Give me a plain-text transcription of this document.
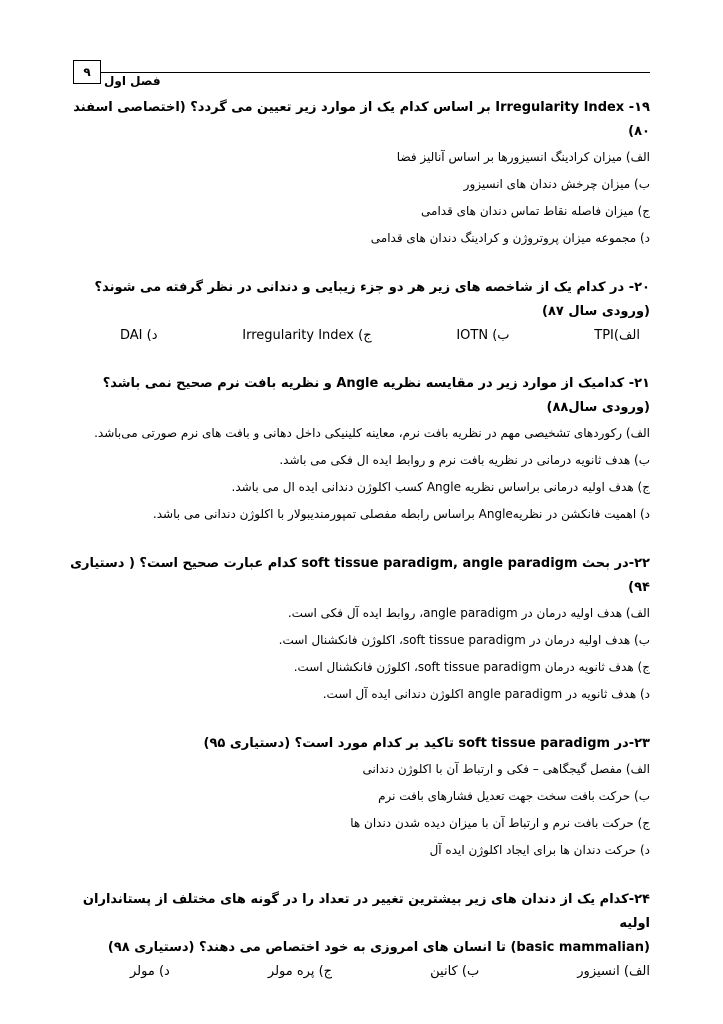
۹
فصل اول
۱۹- Irregularity Index بر اساس کدام یک از موارد زیر تعیین می گردد؟ (اختصاصی اسفند ۸۰)
الف) میزان کرادینگ انسیزورها بر اساس آنالیز فضا
ب) میزان چرخش دندان های انسیزور
ج) میزان فاصله نقاط تماس دندان های قدامی
د) مجموعه میزان پروتروژن و کرادینگ دندان های قدامی
۲۰- در کدام یک از شاخصه های زیر هر دو جزء زیبایی و دندانی در نظر گرفته می شوند؟ (ورودی سال ۸۷)
الف)TPI
ب) IOTN
ج) Irregularity Index
د) DAI
۲۱- کدامیک از موارد زیر در مقایسه نظریه Angle و نظریه بافت نرم صحیح نمی باشد؟ (ورودی سال۸۸)
الف) رکوردهای تشخیصی مهم در نظریه بافت نرم، معاینه کلینیکی داخل دهانی و بافت های نرم صورتی می‌باشد.
ب) هدف ثانویه درمانی در نظریه بافت نرم و روابط ایده ال فکی می باشد.
ج) هدف اولیه درمانی براساس نظریه Angle کسب اکلوژن دندانی ایده ال می باشد.
د) اهمیت فانکشن در نظریهAngle براساس رابطه مفصلی تمپورمندیبولار با اکلوژن دندانی می باشد.
۲۲-در بحث soft tissue paradigm, angle paradigm کدام عبارت صحیح است؟ ( دستیاری ۹۴)
الف) هدف اولیه درمان در angle paradigm، روابط ایده آل فکی است.
ب) هدف اولیه درمان در soft tissue paradigm، اکلوژن فانکشنال است.
ج) هدف ثانویه درمان soft tissue paradigm، اکلوژن فانکشنال است.
د) هدف ثانویه در angle paradigm اکلوژن دندانی ایده آل است.
۲۳-در soft tissue paradigm تاکید بر کدام مورد است؟ (دستیاری ۹۵)
الف) مفصل گیجگاهی – فکی و ارتباط آن با اکلوژن دندانی
ب) حرکت بافت سخت جهت تعدیل فشارهای بافت نرم
ج) حرکت بافت نرم و ارتباط آن با میزان دیده شدن دندان ها
د) حرکت دندان ها برای ایجاد اکلوژن ایده آل
۲۴-کدام یک از دندان های زیر بیشترین تغییر در تعداد را در گونه های مختلف از پستانداران اولیه
(basic mammalian) تا انسان های امروزی به خود اختصاص می دهند؟ (دستیاری ۹۸)
الف) انسیزور
ب) کانین
ج) پره مولر
د) مولر
